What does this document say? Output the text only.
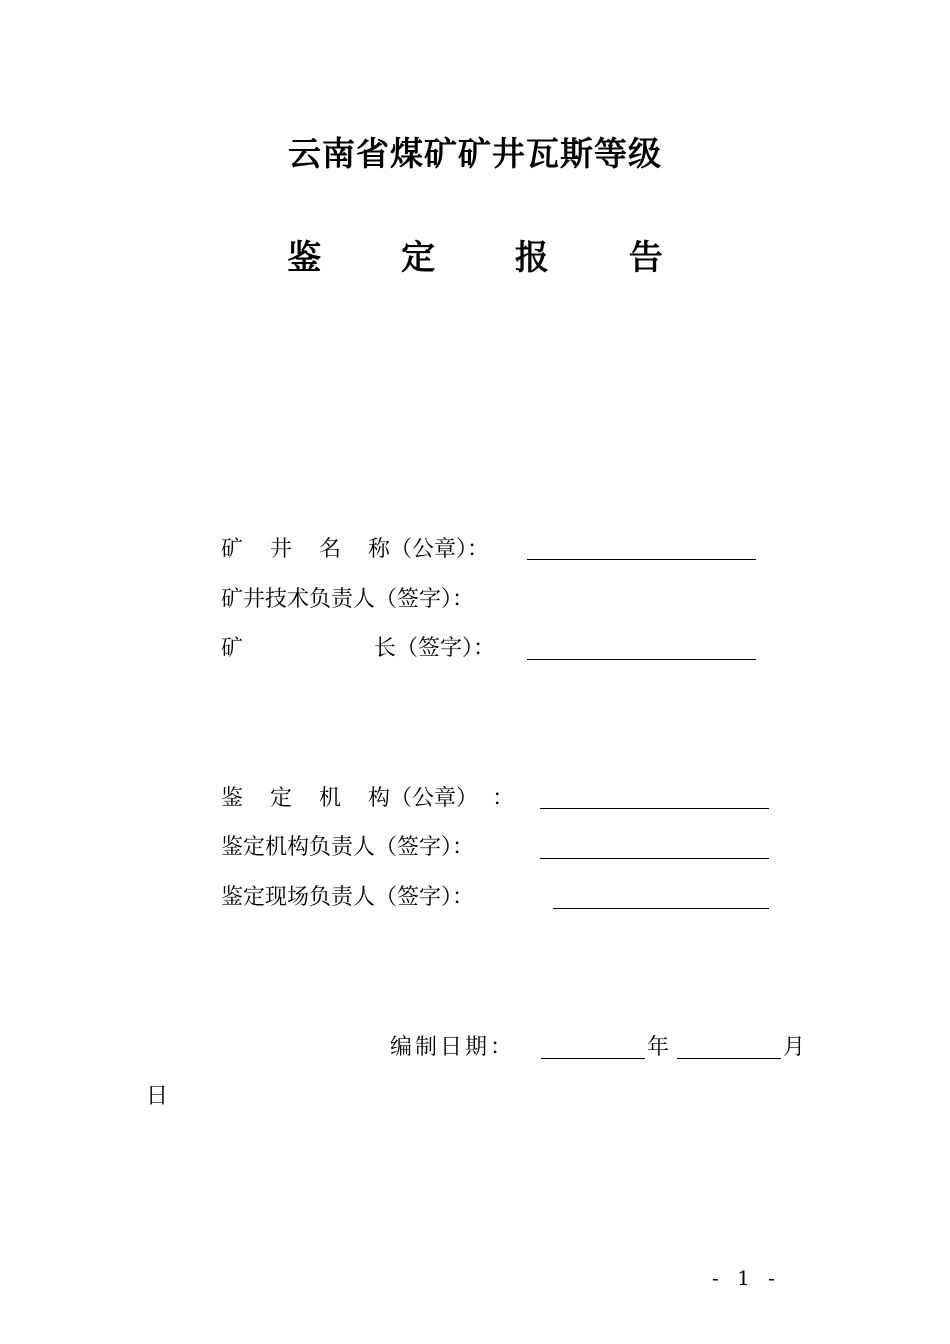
云南省煤矿矿井瓦斯等级
鉴 定 报 告
矿 井 名 称（公章）：
矿井技术负责人（签字）：
矿	长（签字）：
鉴 定 机 构（公章） ：
鉴定机构负责人（签字）：
鉴定现场负责人（签字）：
编制日期：	年	月
日
- 1 -
